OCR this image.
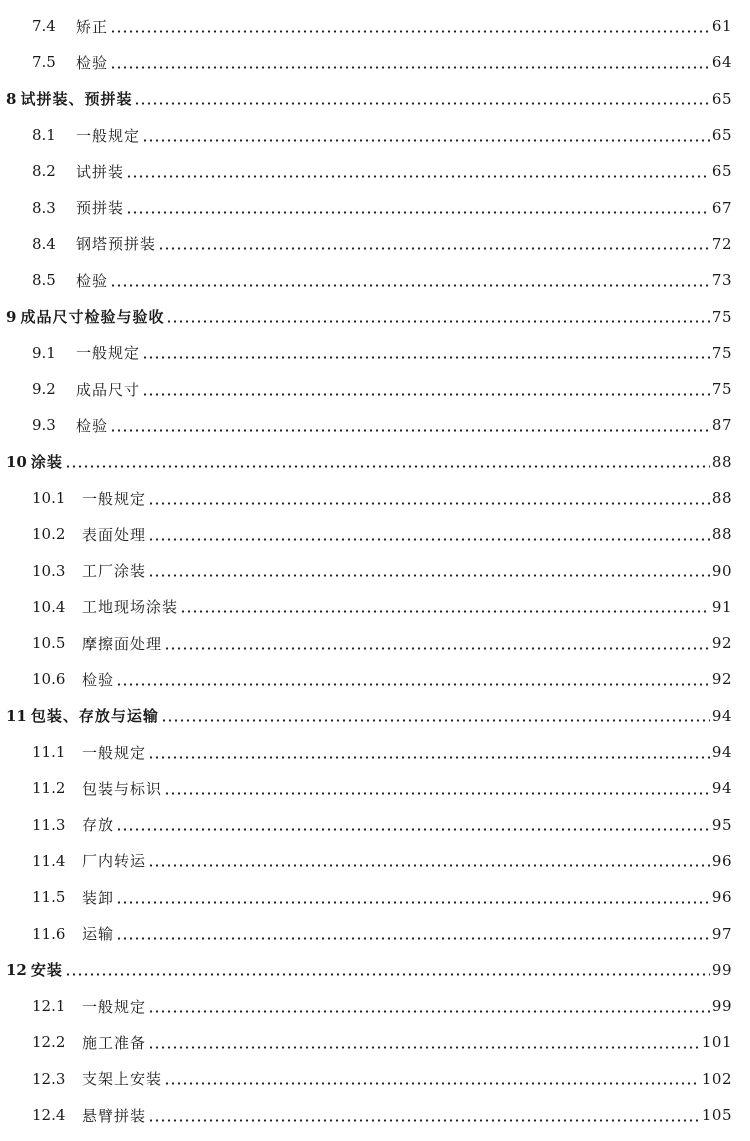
7.4	矫正	61
7.5	检验	64
8 试拼装、预拼装	65
8.1	一般规定	65
8.2	试拼装	65
8.3	预拼装	67
8.4	钢塔预拼装	72
8.5	检验	73
9 成品尺寸检验与验收	75
9.1	一般规定	75
9.2	成品尺寸	75
9.3	检验	87
10 涂装	88
10.1	一般规定	88
10.2	表面处理	88
10.3	工厂涂装	90
10.4	工地现场涂装	91
10.5	摩擦面处理	92
10.6	检验	92
11 包装、存放与运输	94
11.1	一般规定	94
11.2	包装与标识	94
11.3	存放	95
11.4	厂内转运	96
11.5	装卸	96
11.6	运输	97
12 安装	99
12.1	一般规定	99
12.2	施工准备	101
12.3	支架上安装	102
12.4	悬臂拼装	105
